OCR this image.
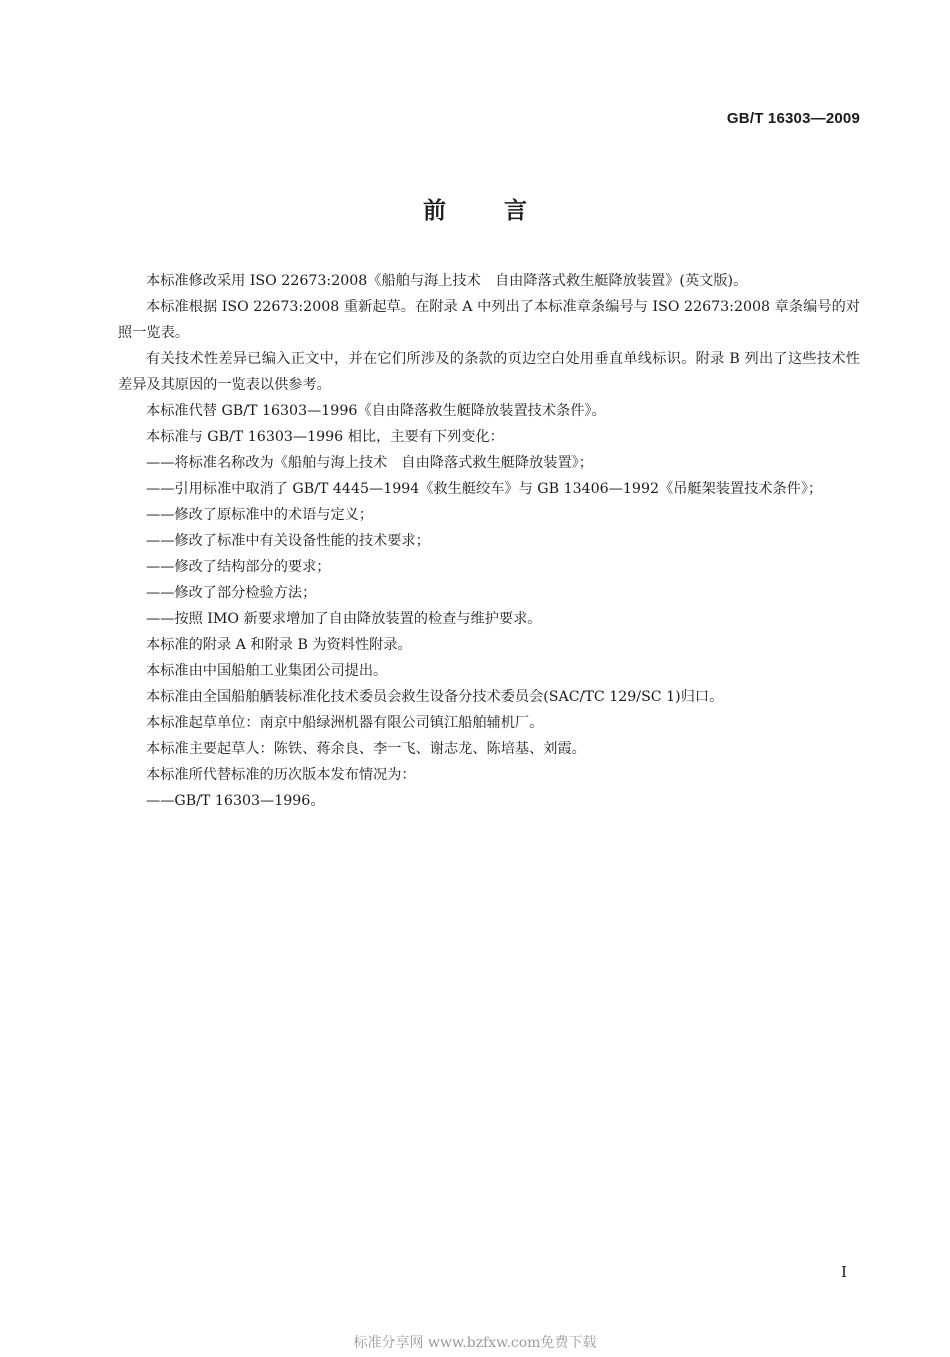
GB/T 16303—2009
前言

本标准修改采用 ISO 22673:2008《船舶与海上技术　自由降落式救生艇降放装置》(英文版)。

本标准根据 ISO 22673:2008 重新起草。在附录 A 中列出了本标准章条编号与 ISO 22673:2008 章条编号的对照一览表。

有关技术性差异已编入正文中，并在它们所涉及的条款的页边空白处用垂直单线标识。附录 B 列出了这些技术性差异及其原因的一览表以供参考。

本标准代替 GB/T 16303—1996《自由降落救生艇降放装置技术条件》。

本标准与 GB/T 16303—1996 相比，主要有下列变化：

——将标准名称改为《船舶与海上技术　自由降落式救生艇降放装置》；

——引用标准中取消了 GB/T 4445—1994《救生艇绞车》与 GB 13406—1992《吊艇架装置技术条件》；

——修改了原标准中的术语与定义；

——修改了标准中有关设备性能的技术要求；

——修改了结构部分的要求；

——修改了部分检验方法；

——按照 IMO 新要求增加了自由降放装置的检查与维护要求。

本标准的附录 A 和附录 B 为资料性附录。

本标准由中国船舶工业集团公司提出。

本标准由全国船舶舾装标准化技术委员会救生设备分技术委员会(SAC/TC 129/SC 1)归口。

本标准起草单位：南京中船绿洲机器有限公司镇江船舶辅机厂。

本标准主要起草人：陈铁、蒋余良、李一飞、谢志龙、陈培基、刘霞。

本标准所代替标准的历次版本发布情况为：

——GB/T 16303—1996。

I
标准分享网 www.bzfxw.com免费下载
